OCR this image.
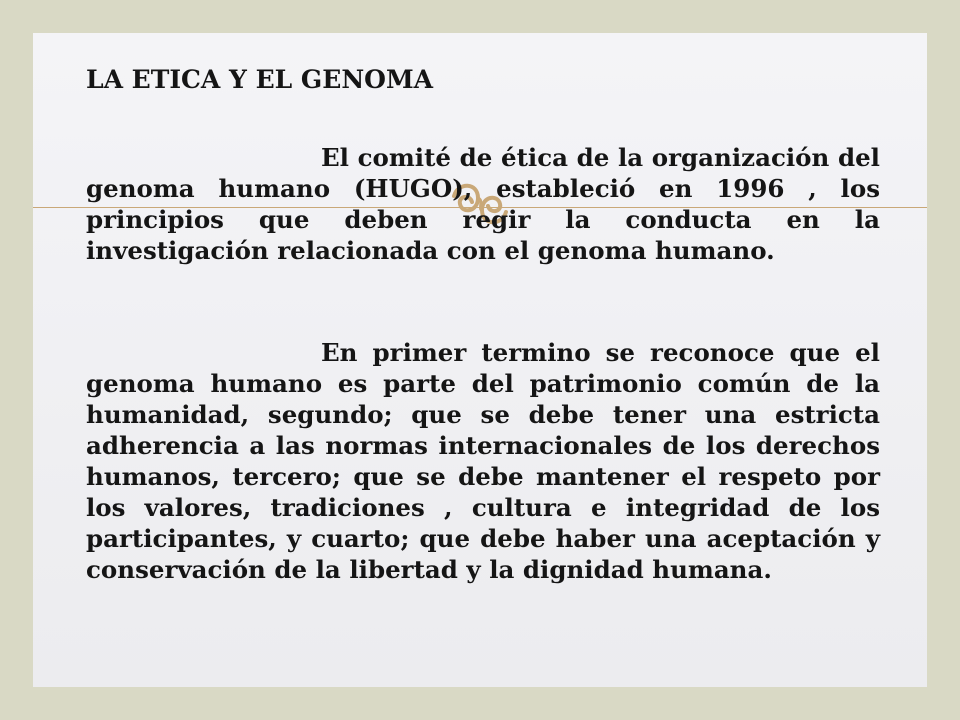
LA ETICA Y EL GENOMA

El comité de ética de la organización del genoma humano (HUGO), estableció en 1996 , los principios que deben regir la conducta en la investigación relacionada con el genoma humano.

En primer termino se reconoce que el genoma humano es parte del patrimonio común de la humanidad, segundo; que se debe tener una estricta adherencia a las normas internacionales de los derechos humanos, tercero; que se debe mantener el respeto por los valores, tradiciones , cultura e integridad de los participantes, y cuarto; que debe haber una aceptación y conservación de la libertad y la dignidad humana.
